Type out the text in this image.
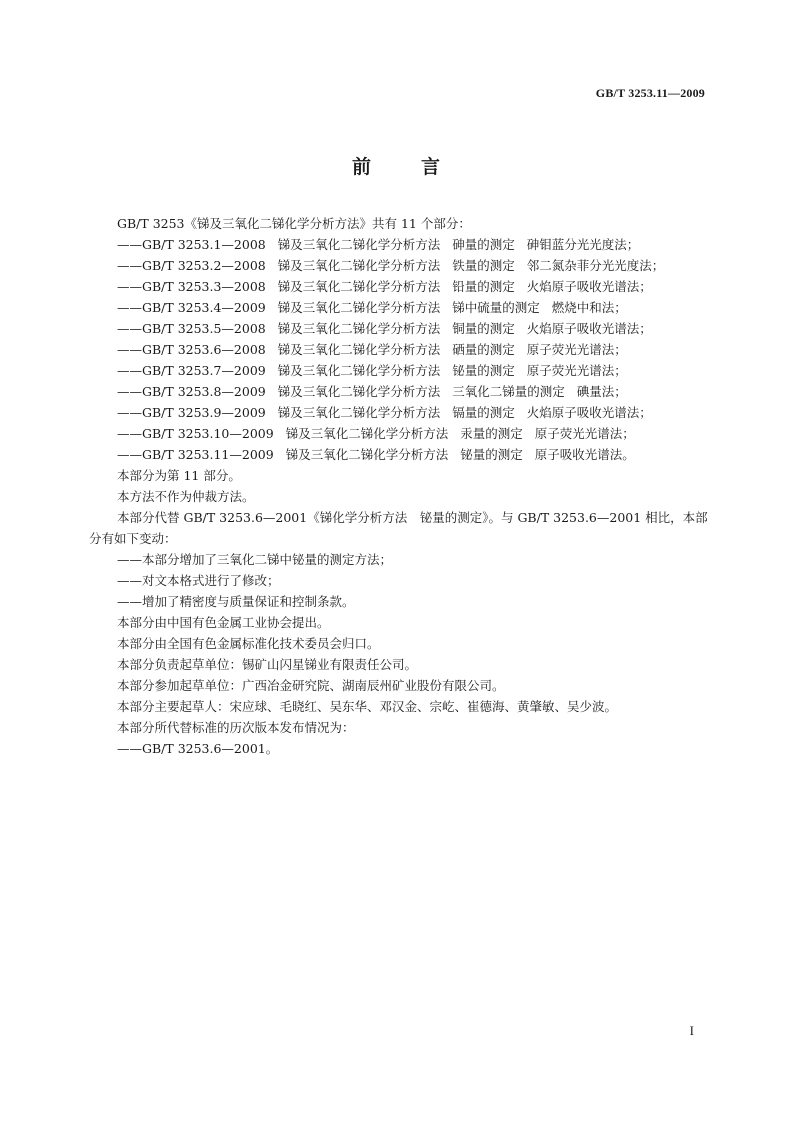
GB/T 3253.11—2009
前	言

GB/T 3253《锑及三氧化二锑化学分析方法》共有 11 个部分：

——GB/T 3253.1—2008 锑及三氧化二锑化学分析方法 砷量的测定 砷钼蓝分光光度法；

——GB/T 3253.2—2008 锑及三氧化二锑化学分析方法 铁量的测定 邻二氮杂菲分光光度法；

——GB/T 3253.3—2008 锑及三氧化二锑化学分析方法 铅量的测定 火焰原子吸收光谱法；

——GB/T 3253.4—2009 锑及三氧化二锑化学分析方法 锑中硫量的测定 燃烧中和法；

——GB/T 3253.5—2008 锑及三氧化二锑化学分析方法 铜量的测定 火焰原子吸收光谱法；

——GB/T 3253.6—2008 锑及三氧化二锑化学分析方法 硒量的测定 原子荧光光谱法；

——GB/T 3253.7—2009 锑及三氧化二锑化学分析方法 铋量的测定 原子荧光光谱法；

——GB/T 3253.8—2009 锑及三氧化二锑化学分析方法 三氧化二锑量的测定 碘量法；

——GB/T 3253.9—2009 锑及三氧化二锑化学分析方法 镉量的测定 火焰原子吸收光谱法；

——GB/T 3253.10—2009 锑及三氧化二锑化学分析方法 汞量的测定 原子荧光光谱法；

——GB/T 3253.11—2009 锑及三氧化二锑化学分析方法 铋量的测定 原子吸收光谱法。

本部分为第 11 部分。

本方法不作为仲裁方法。

本部分代替 GB/T 3253.6—2001《锑化学分析方法　铋量的测定》。与 GB/T 3253.6—2001 相比，本部分有如下变动：

——本部分增加了三氧化二锑中铋量的测定方法；

——对文本格式进行了修改；

——增加了精密度与质量保证和控制条款。

本部分由中国有色金属工业协会提出。

本部分由全国有色金属标准化技术委员会归口。

本部分负责起草单位：锡矿山闪星锑业有限责任公司。

本部分参加起草单位：广西冶金研究院、湖南辰州矿业股份有限公司。

本部分主要起草人：宋应球、毛晓红、吴东华、邓汉金、宗屹、崔德海、黄肇敏、吴少波。

本部分所代替标准的历次版本发布情况为：

——GB/T 3253.6—2001。

I
